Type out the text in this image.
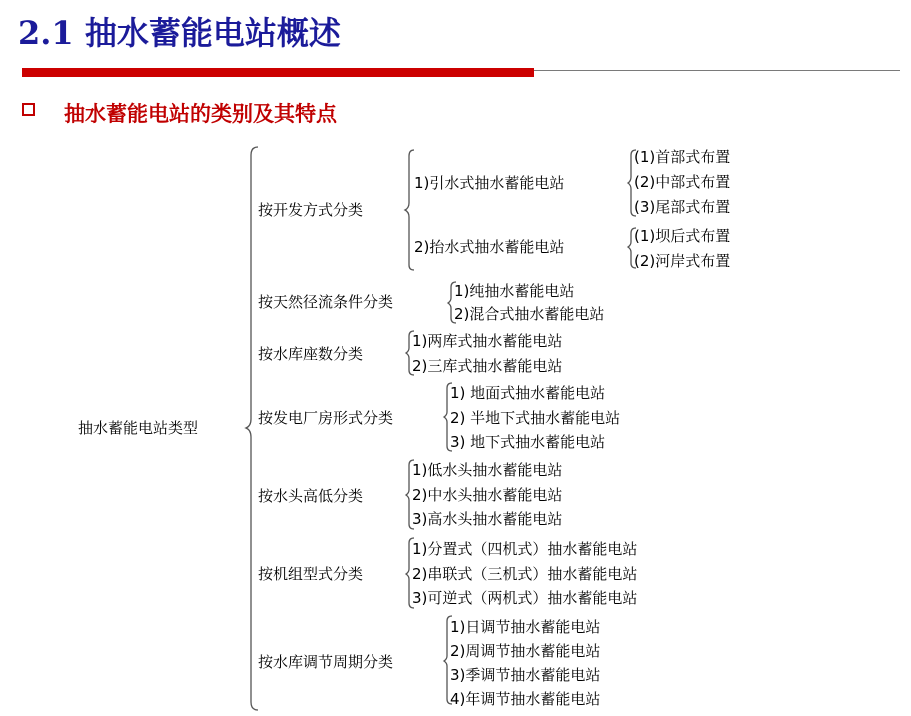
2.1 抽水蓄能电站概述
抽水蓄能电站的类别及其特点
抽水蓄能电站类型
按开发方式分类
1)引水式抽水蓄能电站
(1)首部式布置
(2)中部式布置
(3)尾部式布置
2)抬水式抽水蓄能电站
(1)坝后式布置
(2)河岸式布置
按天然径流条件分类
1)纯抽水蓄能电站
2)混合式抽水蓄能电站
按水库座数分类
1)两库式抽水蓄能电站
2)三库式抽水蓄能电站
按发电厂房形式分类
1) 地面式抽水蓄能电站
2) 半地下式抽水蓄能电站
3) 地下式抽水蓄能电站
按水头高低分类
1)低水头抽水蓄能电站
2)中水头抽水蓄能电站
3)高水头抽水蓄能电站
按机组型式分类
1)分置式（四机式）抽水蓄能电站
2)串联式（三机式）抽水蓄能电站
3)可逆式（两机式）抽水蓄能电站
按水库调节周期分类
1)日调节抽水蓄能电站
2)周调节抽水蓄能电站
3)季调节抽水蓄能电站
4)年调节抽水蓄能电站
